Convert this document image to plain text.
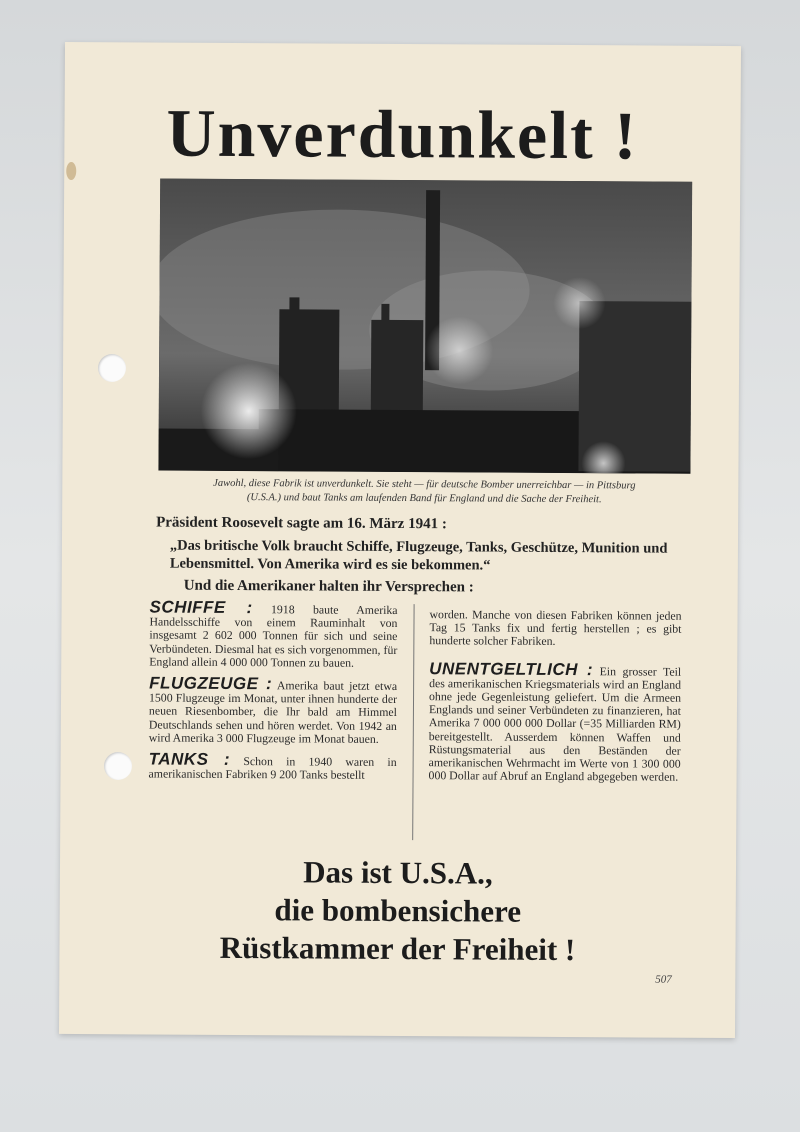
Unverdunkelt !

Jawohl, diese Fabrik ist unverdunkelt. Sie steht — für deutsche Bomber unerreichbar — in Pittsburg
(U.S.A.) und baut Tanks am laufenden Band für England und die Sache der Freiheit.

Präsident Roosevelt sagte am 16. März 1941 :

„Das britische Volk braucht Schiffe, Flugzeuge, Tanks, Geschütze, Munition und Lebensmittel. Von Amerika wird es sie bekommen.“

Und die Amerikaner halten ihr Versprechen :

SCHIFFE : 1918 baute Amerika Handelsschiffe von einem Rauminhalt von insgesamt 2 602 000 Tonnen für sich und seine Verbündeten. Diesmal hat es sich vorgenommen, für England allein 4 000 000 Tonnen zu bauen.

FLUGZEUGE : Amerika baut jetzt etwa 1500 Flugzeuge im Monat, unter ihnen hunderte der neuen Riesenbomber, die Ihr bald am Himmel Deutschlands sehen und hören werdet. Von 1942 an wird Amerika 3 000 Flugzeuge im Monat bauen.

TANKS : Schon in 1940 waren in amerikanischen Fabriken 9 200 Tanks bestellt

worden. Manche von diesen Fabriken können jeden Tag 15 Tanks fix und fertig herstellen ; es gibt hunderte solcher Fabriken.

UNENTGELTLICH : Ein grosser Teil des amerikanischen Kriegsmaterials wird an England ohne jede Gegenleistung geliefert. Um die Armeen Englands und seiner Verbündeten zu finanzieren, hat Amerika 7 000 000 000 Dollar (=35 Milliarden RM) bereitgestellt. Ausserdem können Waffen und Rüstungsmaterial aus den Beständen der amerikanischen Wehrmacht im Werte von 1 300 000 000 Dollar auf Abruf an England abgegeben werden.

Das ist U.S.A.,
die bombensichere
Rüstkammer der Freiheit !

507
